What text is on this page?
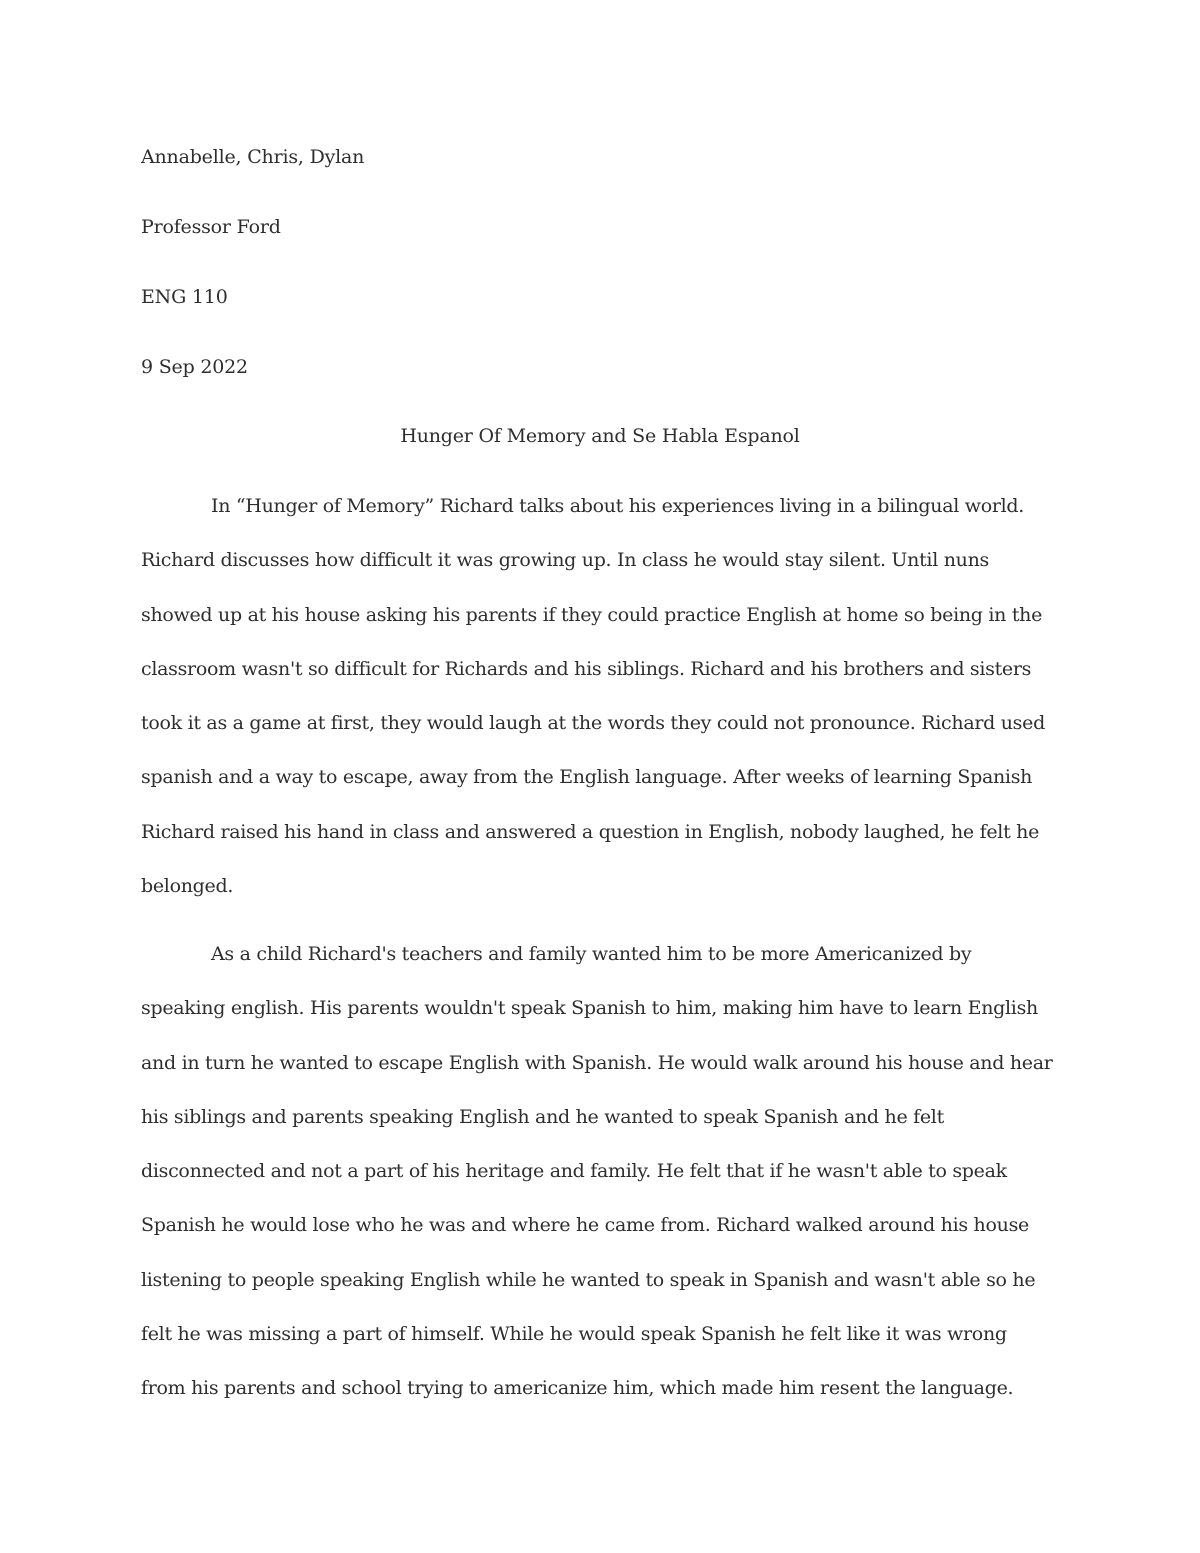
Annabelle, Chris, Dylan
Professor Ford
ENG 110
9 Sep 2022
Hunger Of Memory and Se Habla Espanol
In “Hunger of Memory” Richard talks about his experiences living in a bilingual world.
Richard discusses how difficult it was growing up. In class he would stay silent. Until nuns
showed up at his house asking his parents if they could practice English at home so being in the
classroom wasn't so difficult for Richards and his siblings. Richard and his brothers and sisters
took it as a game at first, they would laugh at the words they could not pronounce. Richard used
spanish and a way to escape, away from the English language. After weeks of learning Spanish
Richard raised his hand in class and answered a question in English, nobody laughed, he felt he
belonged.
As a child Richard's teachers and family wanted him to be more Americanized by
speaking english. His parents wouldn't speak Spanish to him, making him have to learn English
and in turn he wanted to escape English with Spanish. He would walk around his house and hear
his siblings and parents speaking English and he wanted to speak Spanish and he felt
disconnected and not a part of his heritage and family. He felt that if he wasn't able to speak
Spanish he would lose who he was and where he came from. Richard walked around his house
listening to people speaking English while he wanted to speak in Spanish and wasn't able so he
felt he was missing a part of himself. While he would speak Spanish he felt like it was wrong
from his parents and school trying to americanize him, which made him resent the language.
